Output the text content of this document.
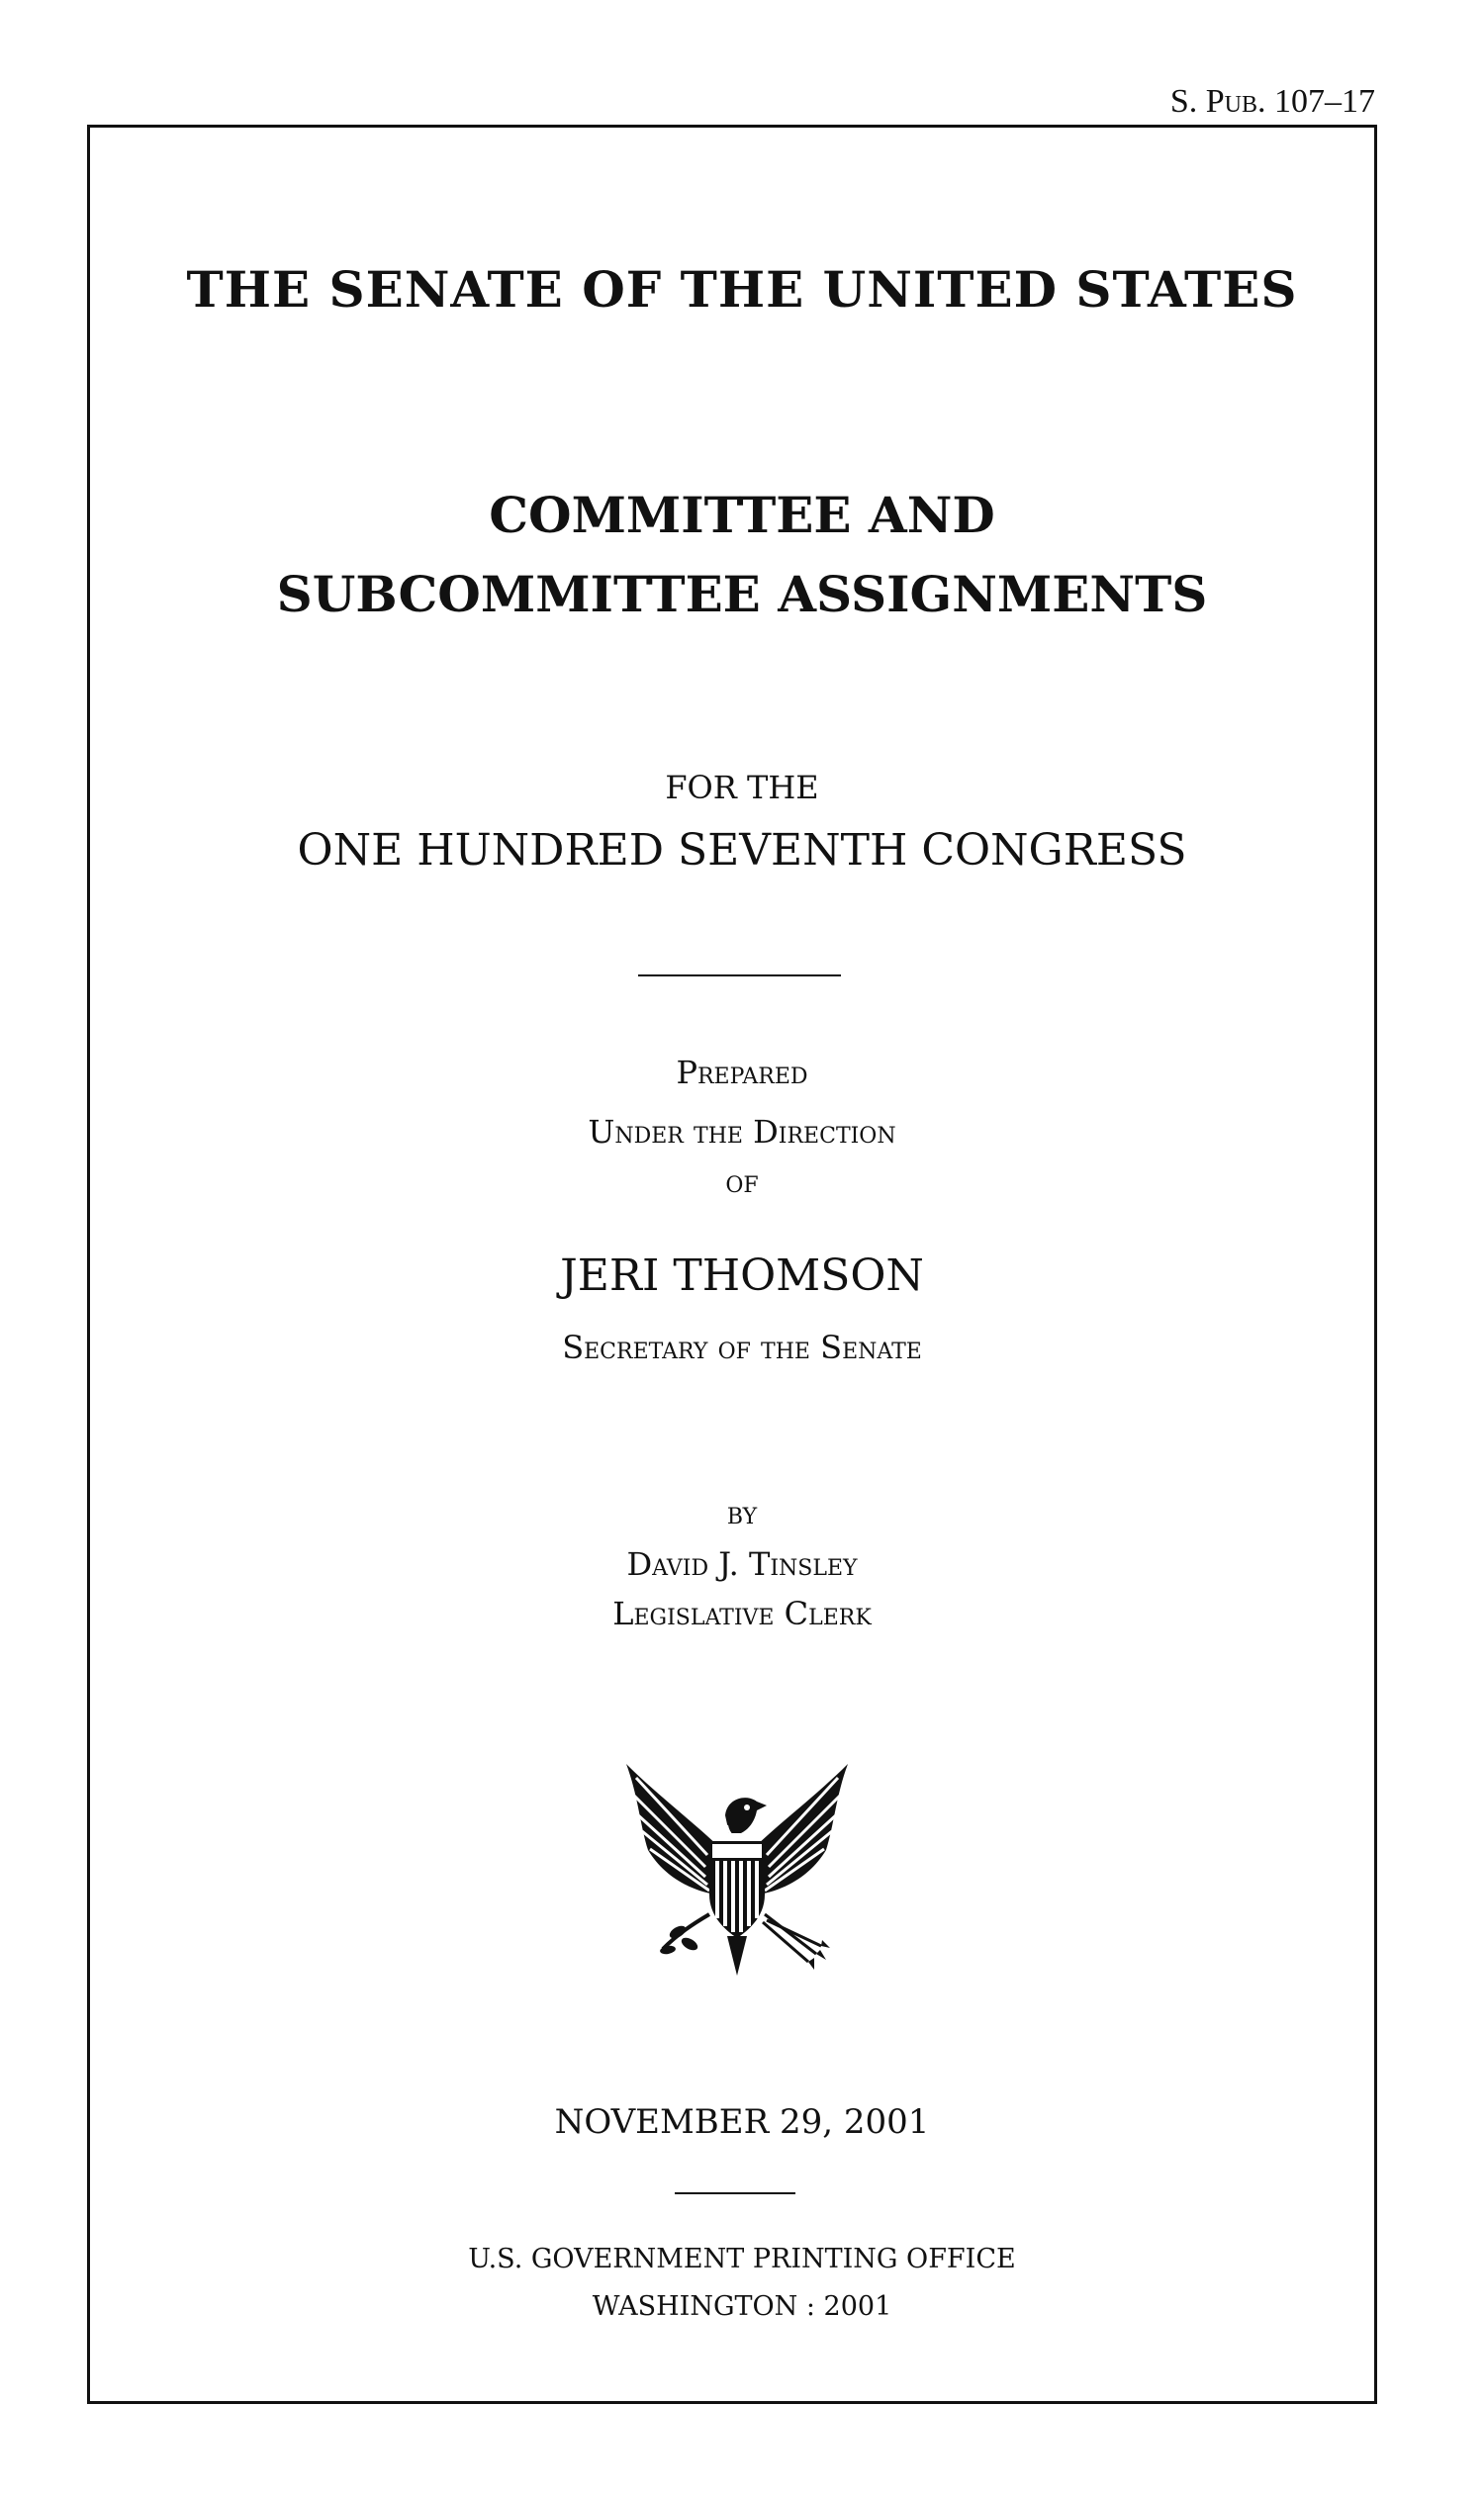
S. Pub. 107–17
THE SENATE OF THE UNITED STATES
COMMITTEE AND
SUBCOMMITTEE ASSIGNMENTS
FOR THE
ONE HUNDRED SEVENTH CONGRESS
Prepared
Under the Direction
of
JERI THOMSON
Secretary of the Senate
by
David J. Tinsley
Legislative Clerk
NOVEMBER 29, 2001
U.S. GOVERNMENT PRINTING OFFICE
WASHINGTON : 2001
